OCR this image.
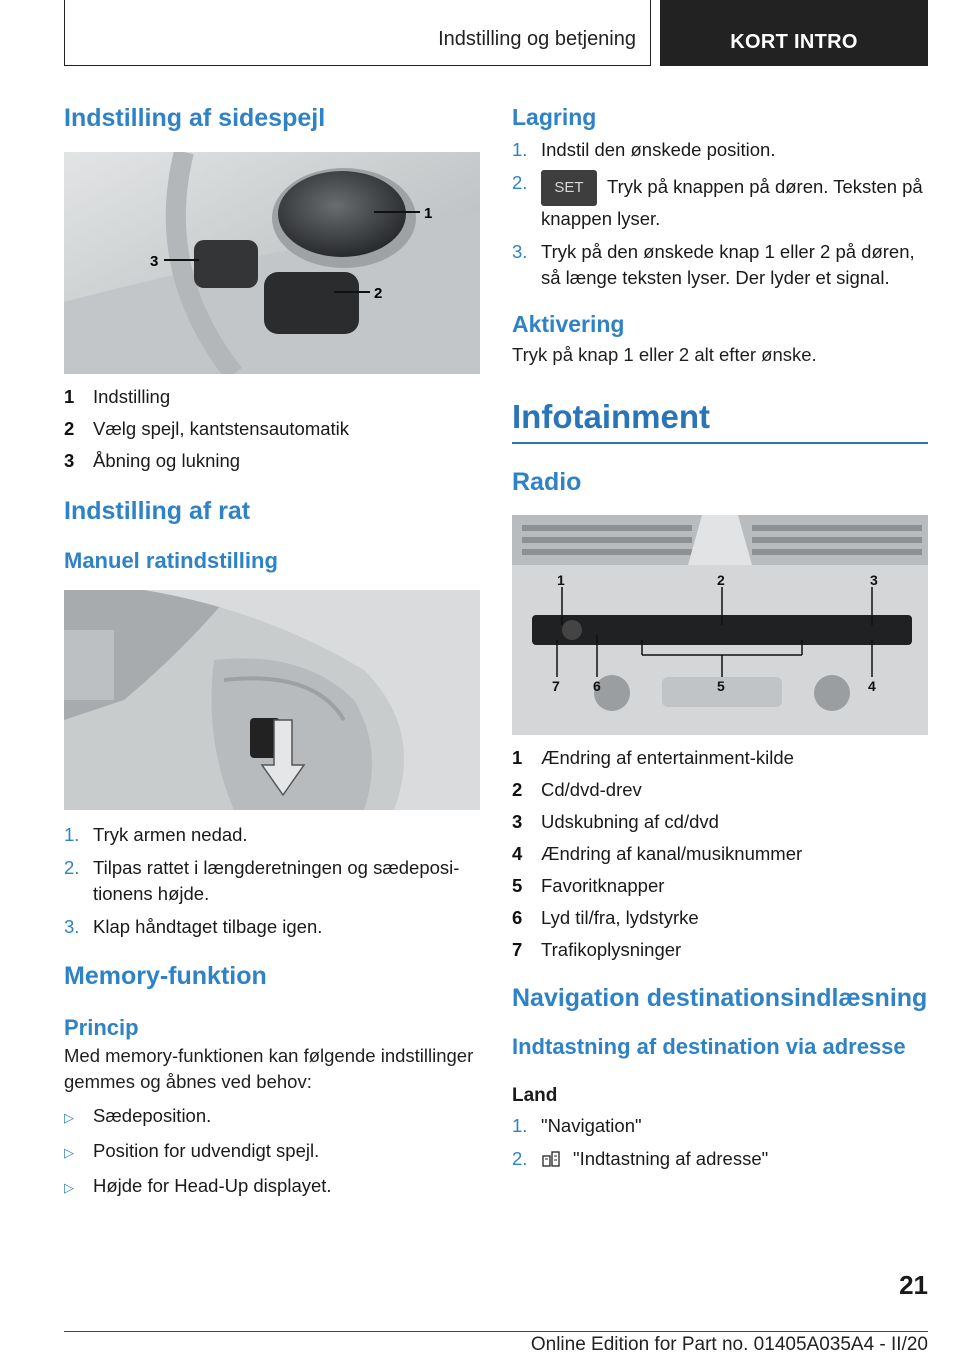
Indstilling og betjening	KORT INTRO
Indstilling af sidespejl
1
2
3
1	Indstilling
2	Vælg spejl, kantstensautomatik
3	Åbning og lukning
Indstilling af rat
Manuel ratindstilling
1. Tryk armen nedad.
2. Tilpas rattet i længderetningen og sædepositionens højde.
3. Klap håndtaget tilbage igen.
Memory-funktion
Princip

Med memory-funktionen kan følgende indstillinger gemmes og åbnes ved behov:

▷	Sædeposition.
▷	Position for udvendigt spejl.
▷	Højde for Head-Up displayet.
Lagring
1. Indstil den ønskede position.
2.	SET Tryk på knappen på døren. Teksten på knappen lyser.
3. Tryk på den ønskede knap 1 eller 2 på døren, så længe teksten lyser. Der lyder et signal.
Aktivering

Tryk på knap 1 eller 2 alt efter ønske.

Infotainment
Radio
1	2	3
4
5
6
7
1	Ændring af entertainment-kilde
2	Cd/dvd-drev
3	Udskubning af cd/dvd
4	Ændring af kanal/musiknummer
5	Favoritknapper
6	Lyd til/fra, lydstyrke
7	Trafikoplysninger
Navigation destinationsindlæsning
Indtastning af destination via adresse
Land
1. "Navigation"
2.	"Indtastning af adresse"
21
Online Edition for Part no. 01405A035A4 - II/20
